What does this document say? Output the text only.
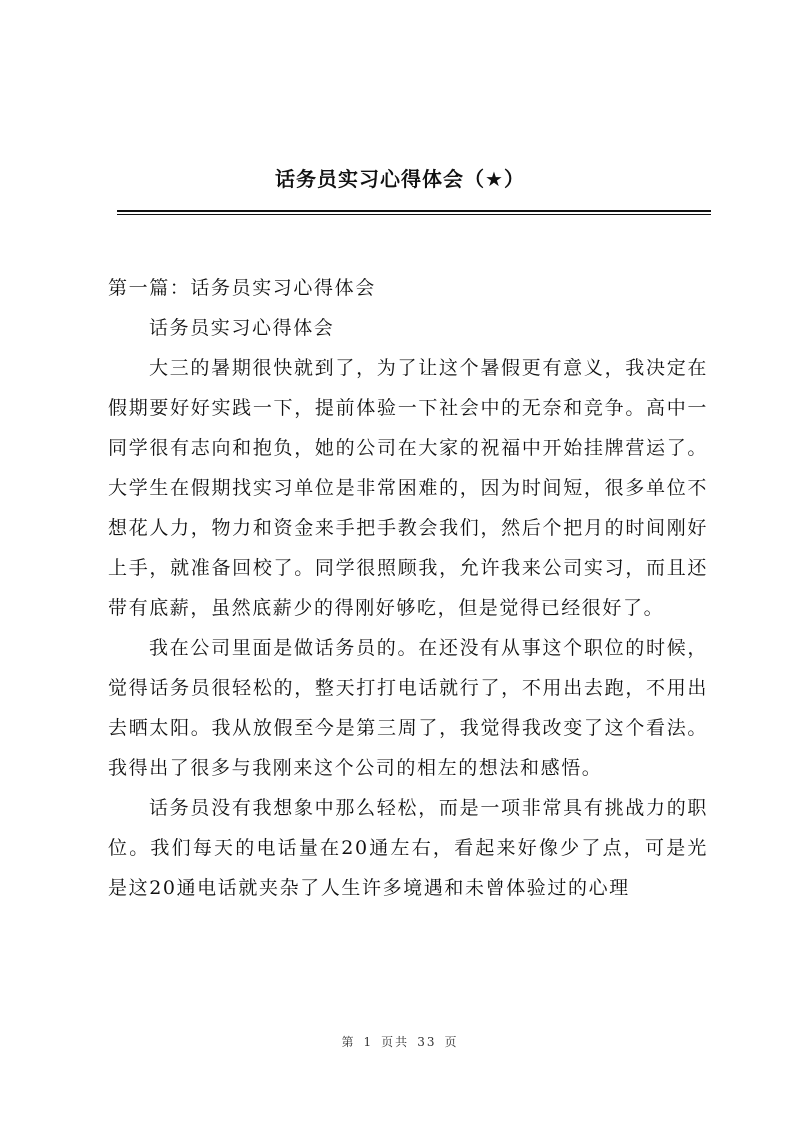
话务员实习心得体会（★）

第一篇：话务员实习心得体会

话务员实习心得体会

大三的暑期很快就到了，为了让这个暑假更有意义，我决定在假期要好好实践一下，提前体验一下社会中的无奈和竞争。高中一同学很有志向和抱负，她的公司在大家的祝福中开始挂牌营运了。大学生在假期找实习单位是非常困难的，因为时间短，很多单位不想花人力，物力和资金来手把手教会我们，然后个把月的时间刚好上手，就准备回校了。同学很照顾我，允许我来公司实习，而且还带有底薪，虽然底薪少的得刚好够吃，但是觉得已经很好了。

我在公司里面是做话务员的。在还没有从事这个职位的时候，觉得话务员很轻松的，整天打打电话就行了，不用出去跑，不用出去晒太阳。我从放假至今是第三周了，我觉得我改变了这个看法。我得出了很多与我刚来这个公司的相左的想法和感悟。

话务员没有我想象中那么轻松，而是一项非常具有挑战力的职位。我们每天的电话量在20通左右，看起来好像少了点，可是光是这20通电话就夹杂了人生许多境遇和未曾体验过的心理

第 1 页共 33 页
